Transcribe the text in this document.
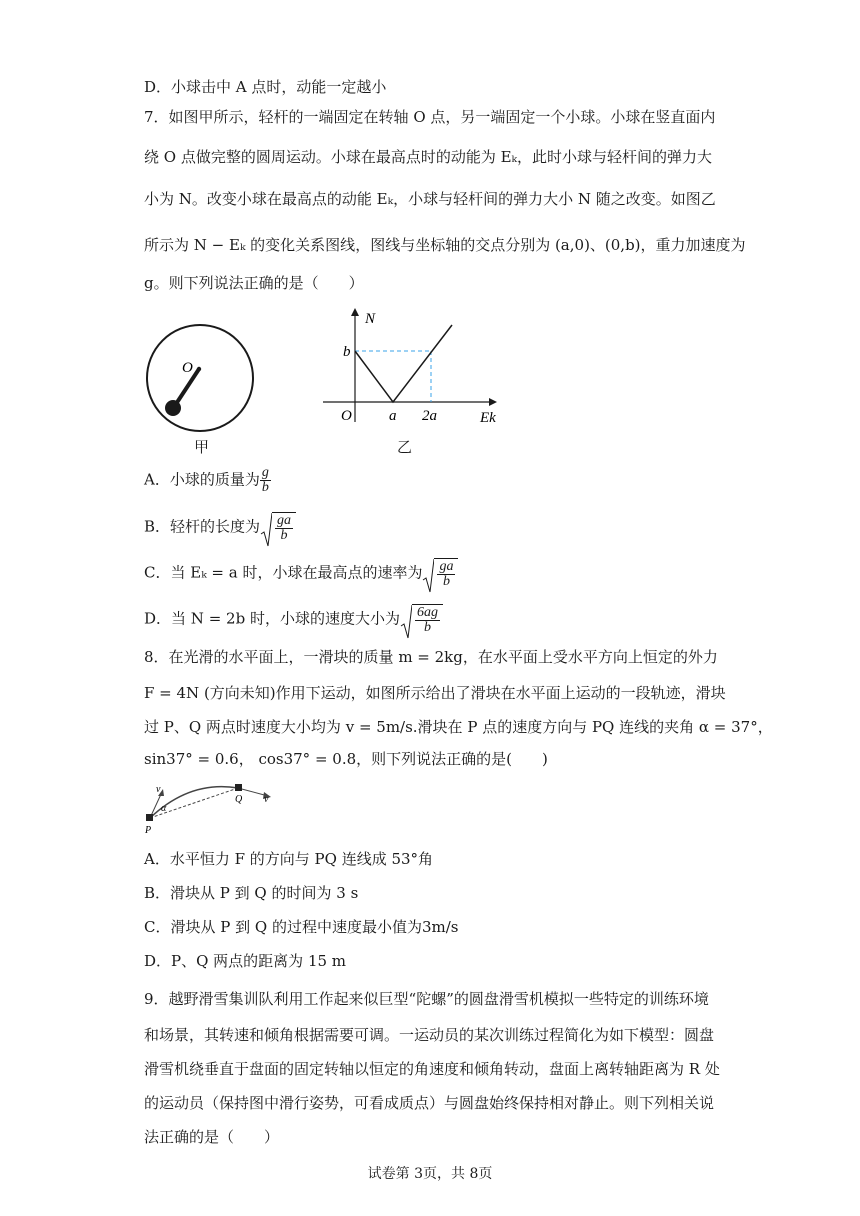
D．小球击中 A 点时，动能一定越小
7．如图甲所示，轻杆的一端固定在转轴 O 点，另一端固定一个小球。小球在竖直面内
绕 O 点做完整的圆周运动。小球在最高点时的动能为 Eₖ，此时小球与轻杆间的弹力大
小为 N。改变小球在最高点的动能 Eₖ，小球与轻杆间的弹力大小 N 随之改变。如图乙
所示为 N − Eₖ 的变化关系图线，图线与坐标轴的交点分别为 (a,0)、(0,b)，重力加速度为
g。则下列说法正确的是（　　）
O
甲
N
b
O a 2a	Ek
乙
A．小球的质量为 $\frac{g}{b}$
B．轻杆的长度为 $\frac{ga}{b}$
C．当 Eₖ = a 时，小球在最高点的速率为 $\frac{ga}{b}$
D．当 N = 2b 时，小球的速度大小为 $\frac{6ag}{b}$
8．在光滑的水平面上，一滑块的质量 m = 2kg，在水平面上受水平方向上恒定的外力
F = 4N (方向未知)作用下运动，如图所示给出了滑块在水平面上运动的一段轨迹，滑块
过 P、Q 两点时速度大小均为 v = 5m/s.滑块在 P 点的速度方向与 PQ 连线的夹角 α = 37°，
sin37° = 0.6， cos37° = 0.8，则下列说法正确的是(　　)
v
α
Q
P
v
A．水平恒力 F 的方向与 PQ 连线成 53°角
B．滑块从 P 到 Q 的时间为 3 s
C．滑块从 P 到 Q 的过程中速度最小值为3m/s
D．P、Q 两点的距离为 15 m
9．越野滑雪集训队利用工作起来似巨型“陀螺”的圆盘滑雪机模拟一些特定的训练环境
和场景，其转速和倾角根据需要可调。一运动员的某次训练过程简化为如下模型：圆盘
滑雪机绕垂直于盘面的固定转轴以恒定的角速度和倾角转动，盘面上离转轴距离为 R 处
的运动员（保持图中滑行姿势，可看成质点）与圆盘始终保持相对静止。则下列相关说
法正确的是（　　）
试卷第 3页，共 8页
